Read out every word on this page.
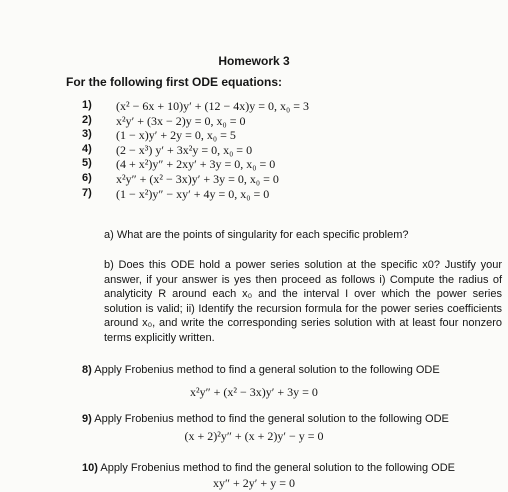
Homework 3
For the following first ODE equations:
1) (x² − 6x + 10)y′ + (12 − 4x)y = 0, x₀ = 3
2) x²y′ + (3x − 2)y = 0, x₀ = 0
3) (1 − x)y′ + 2y = 0, x₀ = 5
4) (2 − x³) y′ + 3x²y = 0, x₀ = 0
5) (4 + x²)y″ + 2xy′ + 3y = 0, x₀ = 0
6) x²y″ + (x² − 3x)y′ + 3y = 0, x₀ = 0
7) (1 − x²)y″ − xy′ + 4y = 0, x₀ = 0
a) What are the points of singularity for each specific problem?
b) Does this ODE hold a power series solution at the specific x0? Justify your answer, if your answer is yes then proceed as follows i) Compute the radius of analyticity R around each x₀ and the interval I over which the power series solution is valid; ii) Identify the recursion formula for the power series coefficients around x₀, and write the corresponding series solution with at least four nonzero terms explicitly written.
8) Apply Frobenius method to find a general solution to the following ODE
x²y″ + (x² − 3x)y′ + 3y = 0
9) Apply Frobenius method to find the general solution to the following ODE
(x + 2)²y″ + (x + 2)y′ − y = 0
10) Apply Frobenius method to find the general solution to the following ODE
xy″ + 2y′ + y = 0
